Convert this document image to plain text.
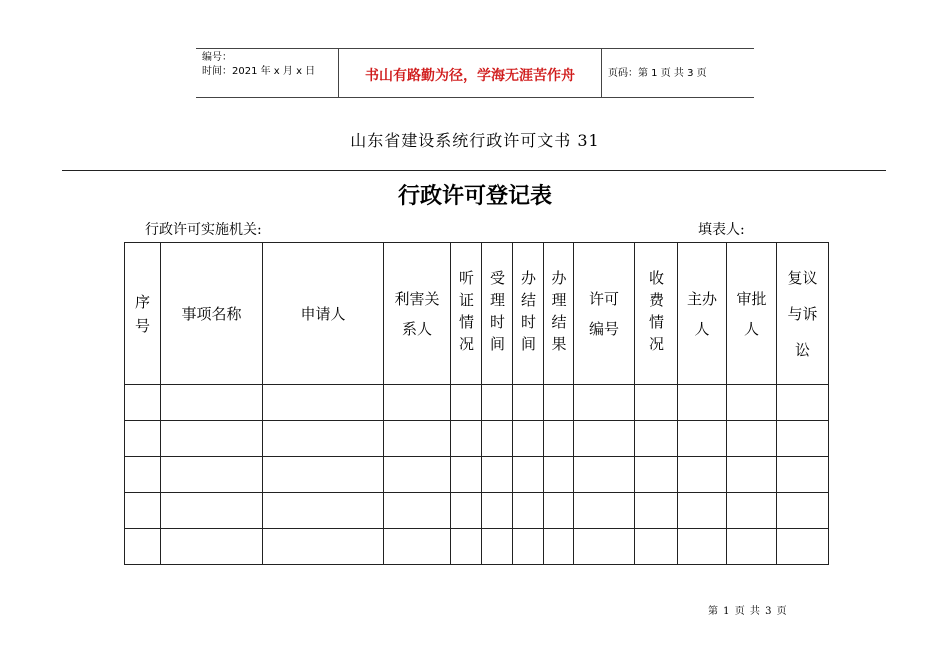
编号：
时间：2021 年 x 月 x 日	书山有路勤为径，学海无涯苦作舟	页码：第 1 页 共 3 页
山东省建设系统行政许可文书 31
行政许可登记表
行政许可实施机关:	填表人:
序号	事项名称	申请人	利害关系人	听证情况	受理时间	办结时间	办理结果	许可编号	收费情况	主办人	审批人	复议与诉讼

第 1 页 共 3 页
